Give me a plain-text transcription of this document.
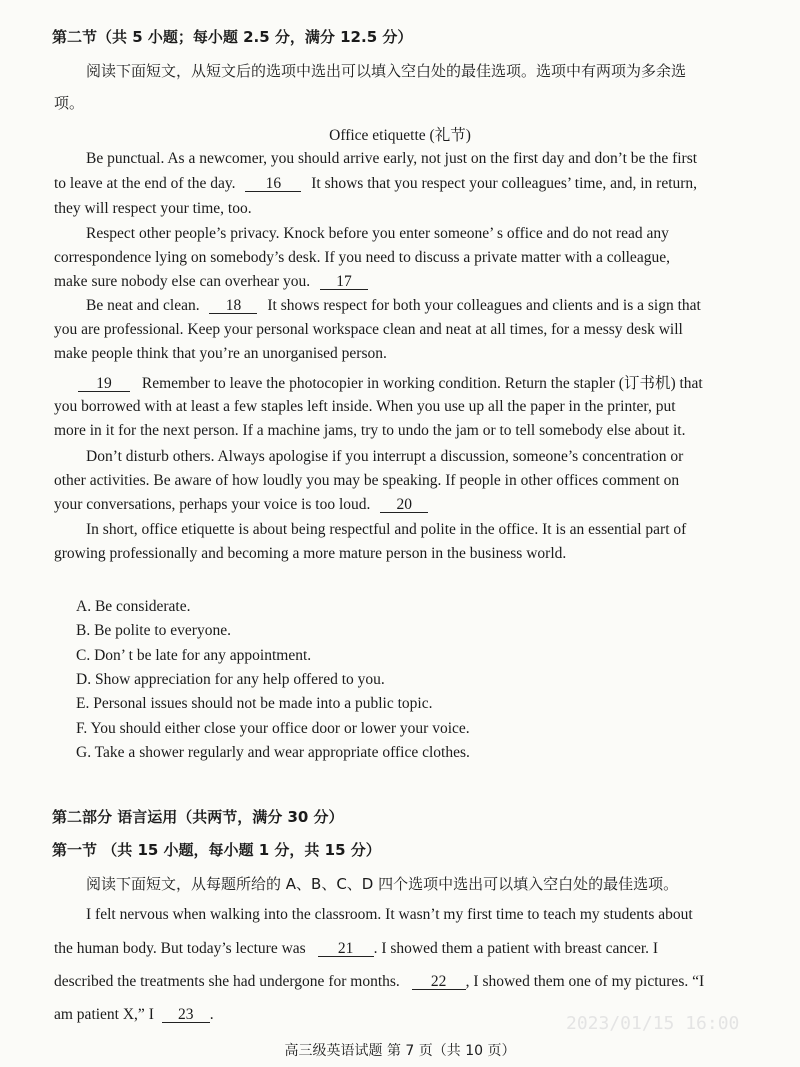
第二节（共 5 小题；每小题 2.5 分，满分 12.5 分）
阅读下面短文，从短文后的选项中选出可以填入空白处的最佳选项。选项中有两项为多余选
项。
Office etiquette (礼节)
Be punctual. As a newcomer, you should arrive early, not just on the first day and don’t be the first
to leave at the end of the day. 16 It shows that you respect your colleagues’ time, and, in return,
they will respect your time, too.
Respect other people’s privacy. Knock before you enter someone’ s office and do not read any
correspondence lying on somebody’s desk. If you need to discuss a private matter with a colleague,
make sure nobody else can overhear you. 17
Be neat and clean. 18 It shows respect for both your colleagues and clients and is a sign that
you are professional. Keep your personal workspace clean and neat at all times, for a messy desk will
make people think that you’re an unorganised person.
19 Remember to leave the photocopier in working condition. Return the stapler (订书机) that
you borrowed with at least a few staples left inside. When you use up all the paper in the printer, put
more in it for the next person. If a machine jams, try to undo the jam or to tell somebody else about it.
Don’t disturb others. Always apologise if you interrupt a discussion, someone’s concentration or
other activities. Be aware of how loudly you may be speaking. If people in other offices comment on
your conversations, perhaps your voice is too loud. 20
In short, office etiquette is about being respectful and polite in the office. It is an essential part of
growing professionally and becoming a more mature person in the business world.
A. Be considerate.
B. Be polite to everyone.
C. Don’ t be late for any appointment.
D. Show appreciation for any help offered to you.
E. Personal issues should not be made into a public topic.
F. You should either close your office door or lower your voice.
G. Take a shower regularly and wear appropriate office clothes.
第二部分 语言运用（共两节，满分 30 分）
第一节 （共 15 小题，每小题 1 分，共 15 分）
阅读下面短文，从每题所给的 A、B、C、D 四个选项中选出可以填入空白处的最佳选项。
I felt nervous when walking into the classroom. It wasn’t my first time to teach my students about
the human body. But today’s lecture was 21 . I showed them a patient with breast cancer. I
described the treatments she had undergone for months. 22 , I showed them one of my pictures. “I
am patient X,” I 23 .	2023/01/15 16:00
高三级英语试题 第 7 页（共 10 页）
